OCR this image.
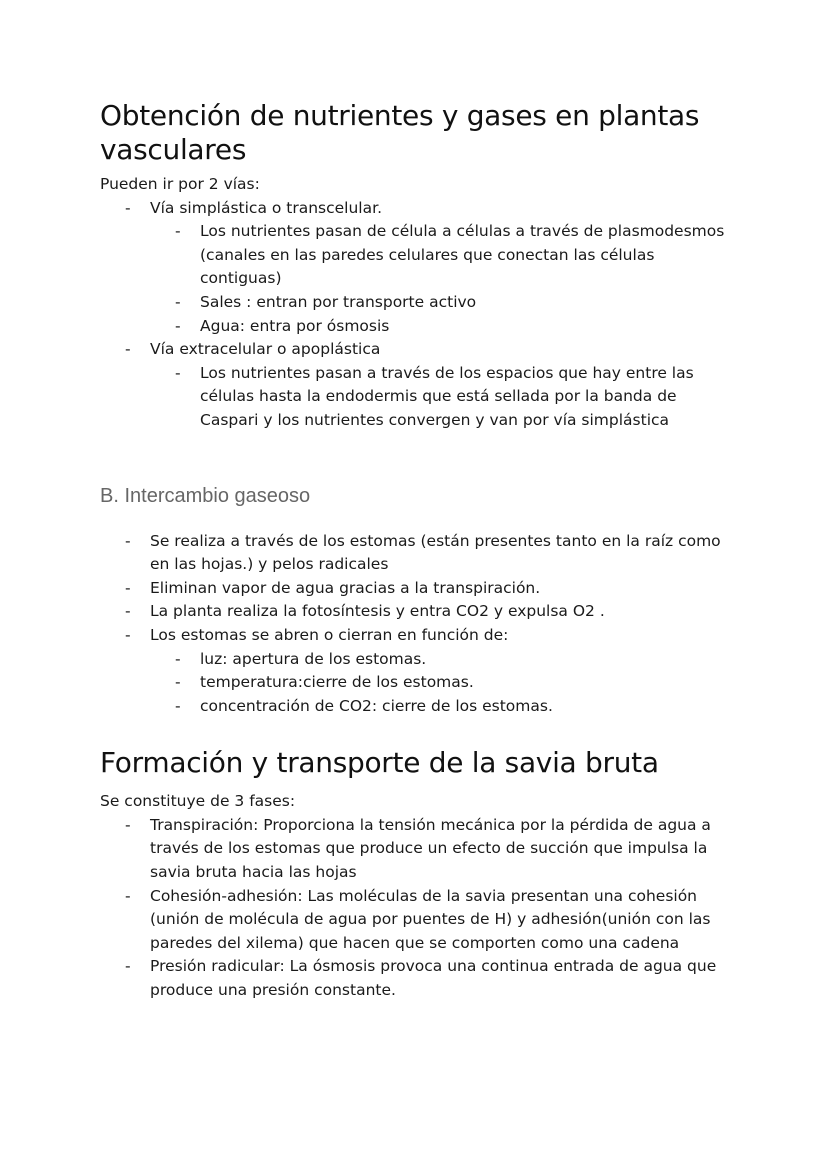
Obtención de nutrientes y gases en plantas vasculares

Pueden ir por 2 vías:

- Vía simplástica o transcelular.
- Los nutrientes pasan de célula a células a través de plasmodesmos (canales en las paredes celulares que conectan las células contiguas)
- Sales : entran por transporte activo
- Agua: entra por ósmosis
- Vía extracelular o apoplástica
- Los nutrientes pasan a través de los espacios que hay entre las células hasta la endodermis que está sellada por la banda de Caspari y los nutrientes convergen y van por vía simplástica
B. Intercambio gaseoso
- Se realiza a través de los estomas (están presentes tanto en la raíz como en las hojas.) y pelos radicales
- Eliminan vapor de agua gracias a la transpiración.
- La planta realiza la fotosíntesis y entra CO2 y expulsa O2 .
- Los estomas se abren o cierran en función de:
- luz: apertura de los estomas.
- temperatura:cierre de los estomas.
- concentración de CO2: cierre de los estomas.
Formación y transporte de la savia bruta

Se constituye de 3 fases:

- Transpiración: Proporciona la tensión mecánica por la pérdida de agua a través de los estomas que produce un efecto de succión que impulsa la savia bruta hacia las hojas
- Cohesión-adhesión: Las moléculas de la savia presentan una cohesión (unión de molécula de agua por puentes de H) y adhesión(unión con las paredes del xilema) que hacen que se comporten como una cadena
- Presión radicular: La ósmosis provoca una continua entrada de agua que produce una presión constante.
